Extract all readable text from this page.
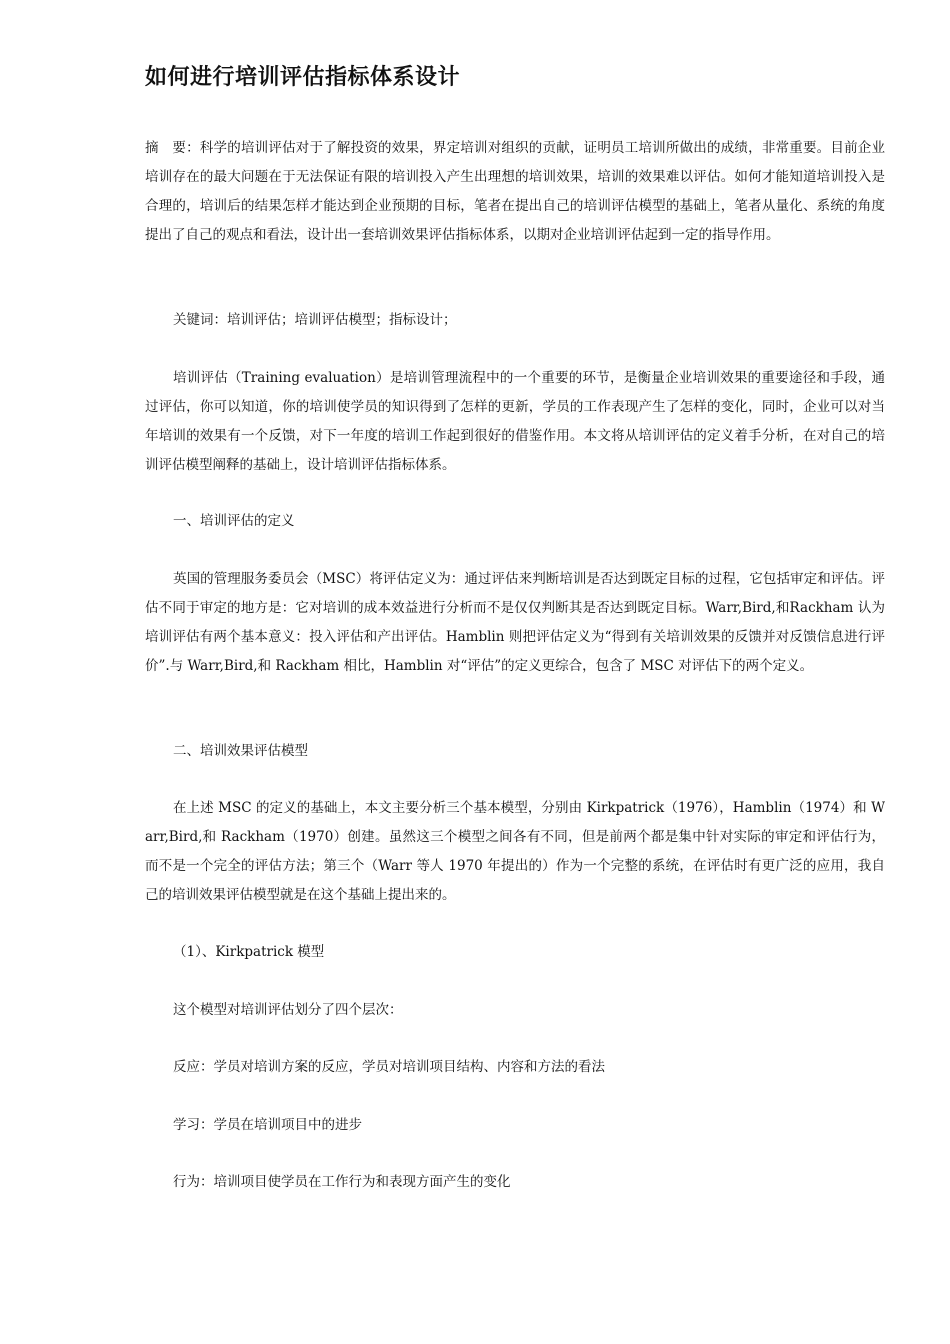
如何进行培训评估指标体系设计

摘　要：科学的培训评估对于了解投资的效果，界定培训对组织的贡献，证明员工培训所做出的成绩，非常重要。目前企业培训存在的最大问题在于无法保证有限的培训投入产生出理想的培训效果，培训的效果难以评估。如何才能知道培训投入是合理的，培训后的结果怎样才能达到企业预期的目标，笔者在提出自己的培训评估模型的基础上，笔者从量化、系统的角度提出了自己的观点和看法，设计出一套培训效果评估指标体系，以期对企业培训评估起到一定的指导作用。

关键词：培训评估；培训评估模型；指标设计；

培训评估（Training evaluation）是培训管理流程中的一个重要的环节，是衡量企业培训效果的重要途径和手段，通过评估，你可以知道，你的培训使学员的知识得到了怎样的更新，学员的工作表现产生了怎样的变化，同时，企业可以对当年培训的效果有一个反馈，对下一年度的培训工作起到很好的借鉴作用。本文将从培训评估的定义着手分析，在对自己的培训评估模型阐释的基础上，设计培训评估指标体系。

一、培训评估的定义

英国的管理服务委员会（MSC）将评估定义为：通过评估来判断培训是否达到既定目标的过程，它包括审定和评估。评估不同于审定的地方是：它对培训的成本效益进行分析而不是仅仅判断其是否达到既定目标。Warr,Bird,和Rackham 认为培训评估有两个基本意义：投入评估和产出评估。Hamblin 则把评估定义为“得到有关培训效果的反馈并对反馈信息进行评价”.与 Warr,Bird,和 Rackham 相比，Hamblin 对“评估”的定义更综合，包含了 MSC 对评估下的两个定义。

二、培训效果评估模型

在上述 MSC 的定义的基础上，本文主要分析三个基本模型，分别由 Kirkpatrick（1976），Hamblin（1974）和 Warr,Bird,和 Rackham（1970）创建。虽然这三个模型之间各有不同，但是前两个都是集中针对实际的审定和评估行为，而不是一个完全的评估方法；第三个（Warr 等人 1970 年提出的）作为一个完整的系统，在评估时有更广泛的应用，我自己的培训效果评估模型就是在这个基础上提出来的。

（1）、Kirkpatrick 模型

这个模型对培训评估划分了四个层次：

反应：学员对培训方案的反应，学员对培训项目结构、内容和方法的看法

学习：学员在培训项目中的进步

行为：培训项目使学员在工作行为和表现方面产生的变化
